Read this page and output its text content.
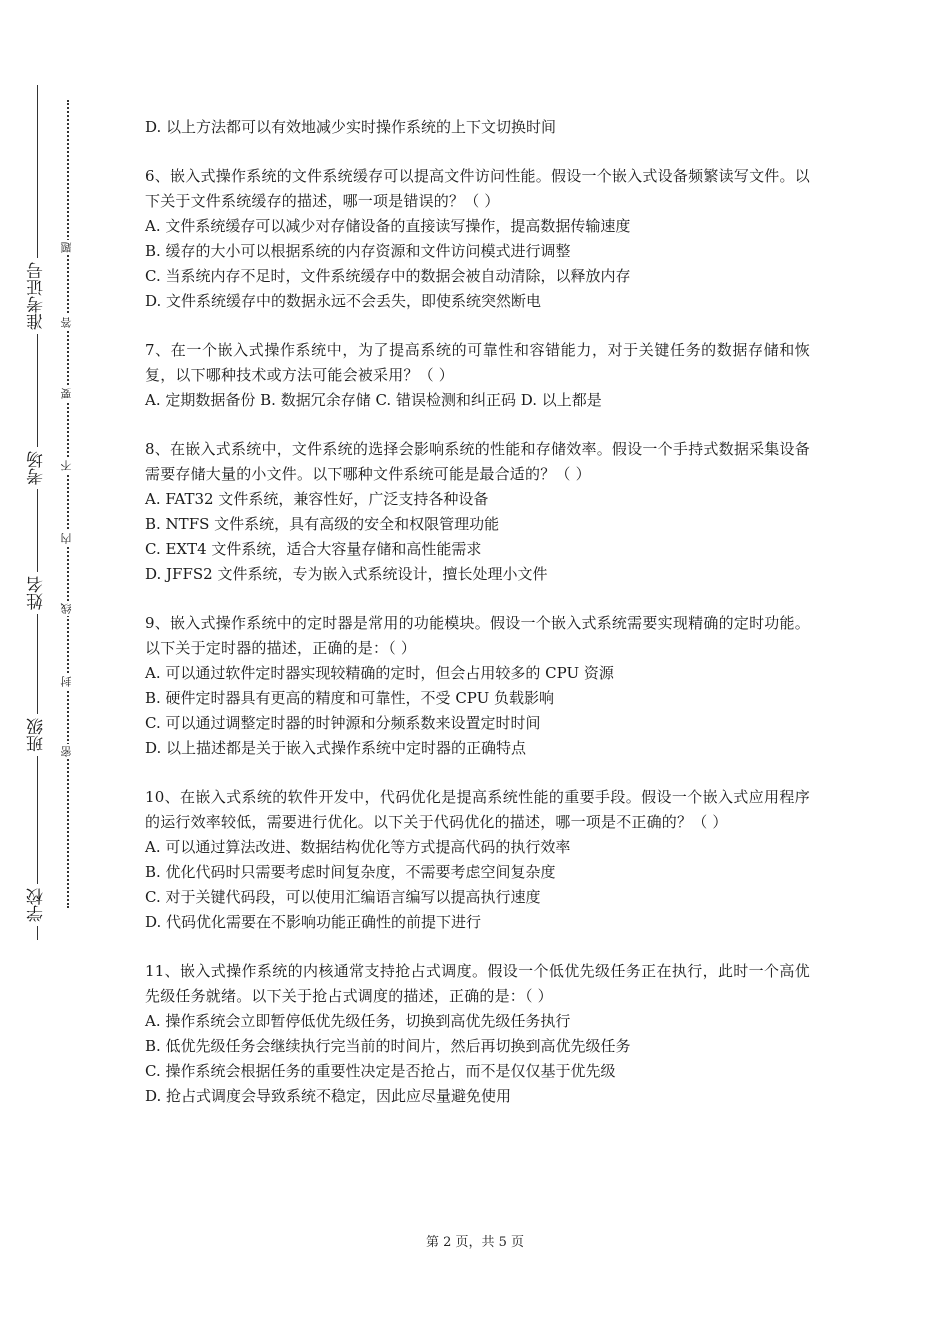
准考证号
考场
姓名
班级
学校
题
答
要
不
内
线
封
密
D. 以上方法都可以有效地减少实时操作系统的上下文切换时间
6、嵌入式操作系统的文件系统缓存可以提高文件访问性能。假设一个嵌入式设备频繁读写文件。以下关于文件系统缓存的描述，哪一项是错误的？（ ）
A. 文件系统缓存可以减少对存储设备的直接读写操作，提高数据传输速度
B. 缓存的大小可以根据系统的内存资源和文件访问模式进行调整
C. 当系统内存不足时，文件系统缓存中的数据会被自动清除，以释放内存
D. 文件系统缓存中的数据永远不会丢失，即使系统突然断电
7、在一个嵌入式操作系统中，为了提高系统的可靠性和容错能力，对于关键任务的数据存储和恢复，以下哪种技术或方法可能会被采用？（ ）
A. 定期数据备份 B. 数据冗余存储 C. 错误检测和纠正码 D. 以上都是
8、在嵌入式系统中，文件系统的选择会影响系统的性能和存储效率。假设一个手持式数据采集设备需要存储大量的小文件。以下哪种文件系统可能是最合适的？（ ）
A. FAT32 文件系统，兼容性好，广泛支持各种设备
B. NTFS 文件系统，具有高级的安全和权限管理功能
C. EXT4 文件系统，适合大容量存储和高性能需求
D. JFFS2 文件系统，专为嵌入式系统设计，擅长处理小文件
9、嵌入式操作系统中的定时器是常用的功能模块。假设一个嵌入式系统需要实现精确的定时功能。以下关于定时器的描述，正确的是：（ ）
A. 可以通过软件定时器实现较精确的定时，但会占用较多的 CPU 资源
B. 硬件定时器具有更高的精度和可靠性，不受 CPU 负载影响
C. 可以通过调整定时器的时钟源和分频系数来设置定时时间
D. 以上描述都是关于嵌入式操作系统中定时器的正确特点
10、在嵌入式系统的软件开发中，代码优化是提高系统性能的重要手段。假设一个嵌入式应用程序的运行效率较低，需要进行优化。以下关于代码优化的描述，哪一项是不正确的？（ ）
A. 可以通过算法改进、数据结构优化等方式提高代码的执行效率
B. 优化代码时只需要考虑时间复杂度，不需要考虑空间复杂度
C. 对于关键代码段，可以使用汇编语言编写以提高执行速度
D. 代码优化需要在不影响功能正确性的前提下进行
11、嵌入式操作系统的内核通常支持抢占式调度。假设一个低优先级任务正在执行，此时一个高优先级任务就绪。以下关于抢占式调度的描述，正确的是：（ ）
A. 操作系统会立即暂停低优先级任务，切换到高优先级任务执行
B. 低优先级任务会继续执行完当前的时间片，然后再切换到高优先级任务
C. 操作系统会根据任务的重要性决定是否抢占，而不是仅仅基于优先级
D. 抢占式调度会导致系统不稳定，因此应尽量避免使用
第 2 页，共 5 页
